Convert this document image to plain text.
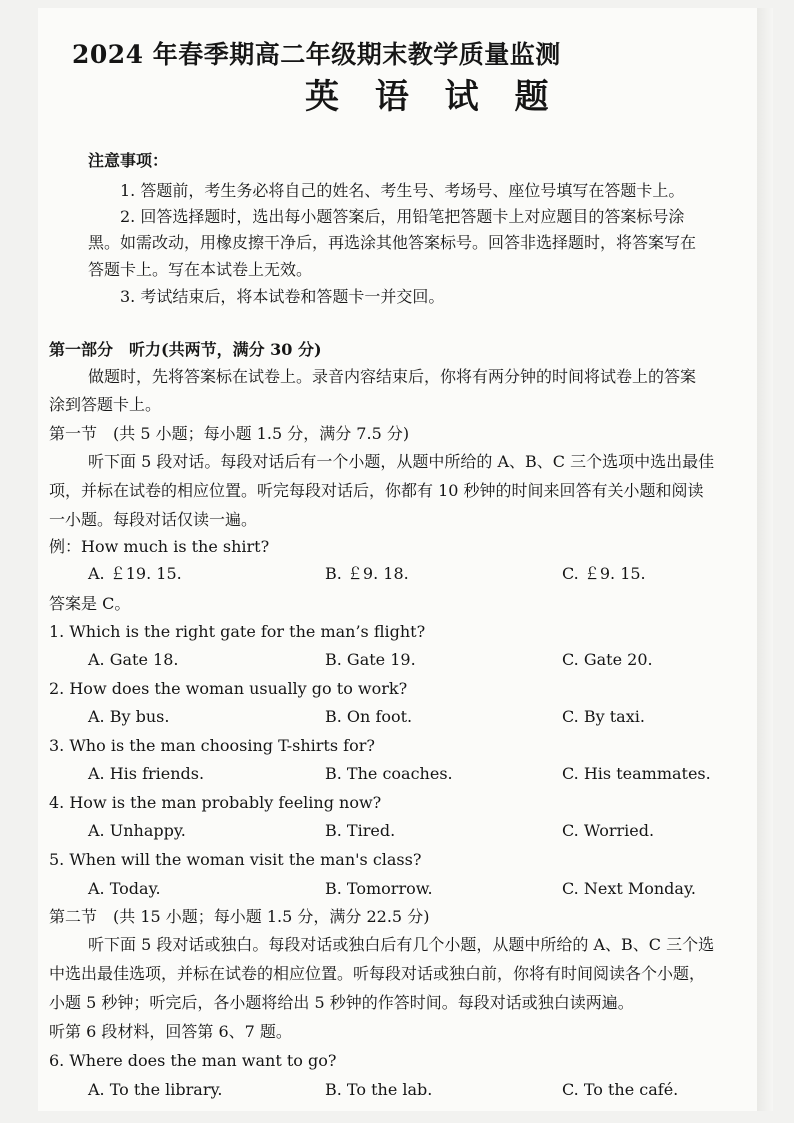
2024 年春季期高二年级期末教学质量监测
英 语 试 题
注意事项：
1. 答题前，考生务必将自己的姓名、考生号、考场号、座位号填写在答题卡上。
2. 回答选择题时，选出每小题答案后，用铅笔把答题卡上对应题目的答案标号涂
黑。如需改动，用橡皮擦干净后，再选涂其他答案标号。回答非选择题时，将答案写在
答题卡上。写在本试卷上无效。
3. 考试结束后，将本试卷和答题卡一并交回。
第一部分　听力(共两节，满分 30 分)
做题时，先将答案标在试卷上。录音内容结束后，你将有两分钟的时间将试卷上的答案
涂到答题卡上。
第一节　(共 5 小题；每小题 1.5 分，满分 7.5 分)
听下面 5 段对话。每段对话后有一个小题，从题中所给的 A、B、C 三个选项中选出最佳
项，并标在试卷的相应位置。听完每段对话后，你都有 10 秒钟的时间来回答有关小题和阅读
一小题。每段对话仅读一遍。
例：How much is the shirt?
A. ￡19. 15.	B. ￡9. 18.	C. ￡9. 15.
答案是 C。
1. Which is the right gate for the man’s flight?
A. Gate 18.	B. Gate 19.	C. Gate 20.
2. How does the woman usually go to work?
A. By bus.	B. On foot.	C. By taxi.
3. Who is the man choosing T-shirts for?
A. His friends.	B. The coaches.	C. His teammates.
4. How is the man probably feeling now?
A. Unhappy.	B. Tired.	C. Worried.
5. When will the woman visit the man's class?
A. Today.	B. Tomorrow.	C. Next Monday.
第二节　(共 15 小题；每小题 1.5 分，满分 22.5 分)
听下面 5 段对话或独白。每段对话或独白后有几个小题，从题中所给的 A、B、C 三个选
中选出最佳选项，并标在试卷的相应位置。听每段对话或独白前，你将有时间阅读各个小题，
小题 5 秒钟；听完后，各小题将给出 5 秒钟的作答时间。每段对话或独白读两遍。
听第 6 段材料，回答第 6、7 题。
6. Where does the man want to go?
A. To the library.	B. To the lab.	C. To the café.
